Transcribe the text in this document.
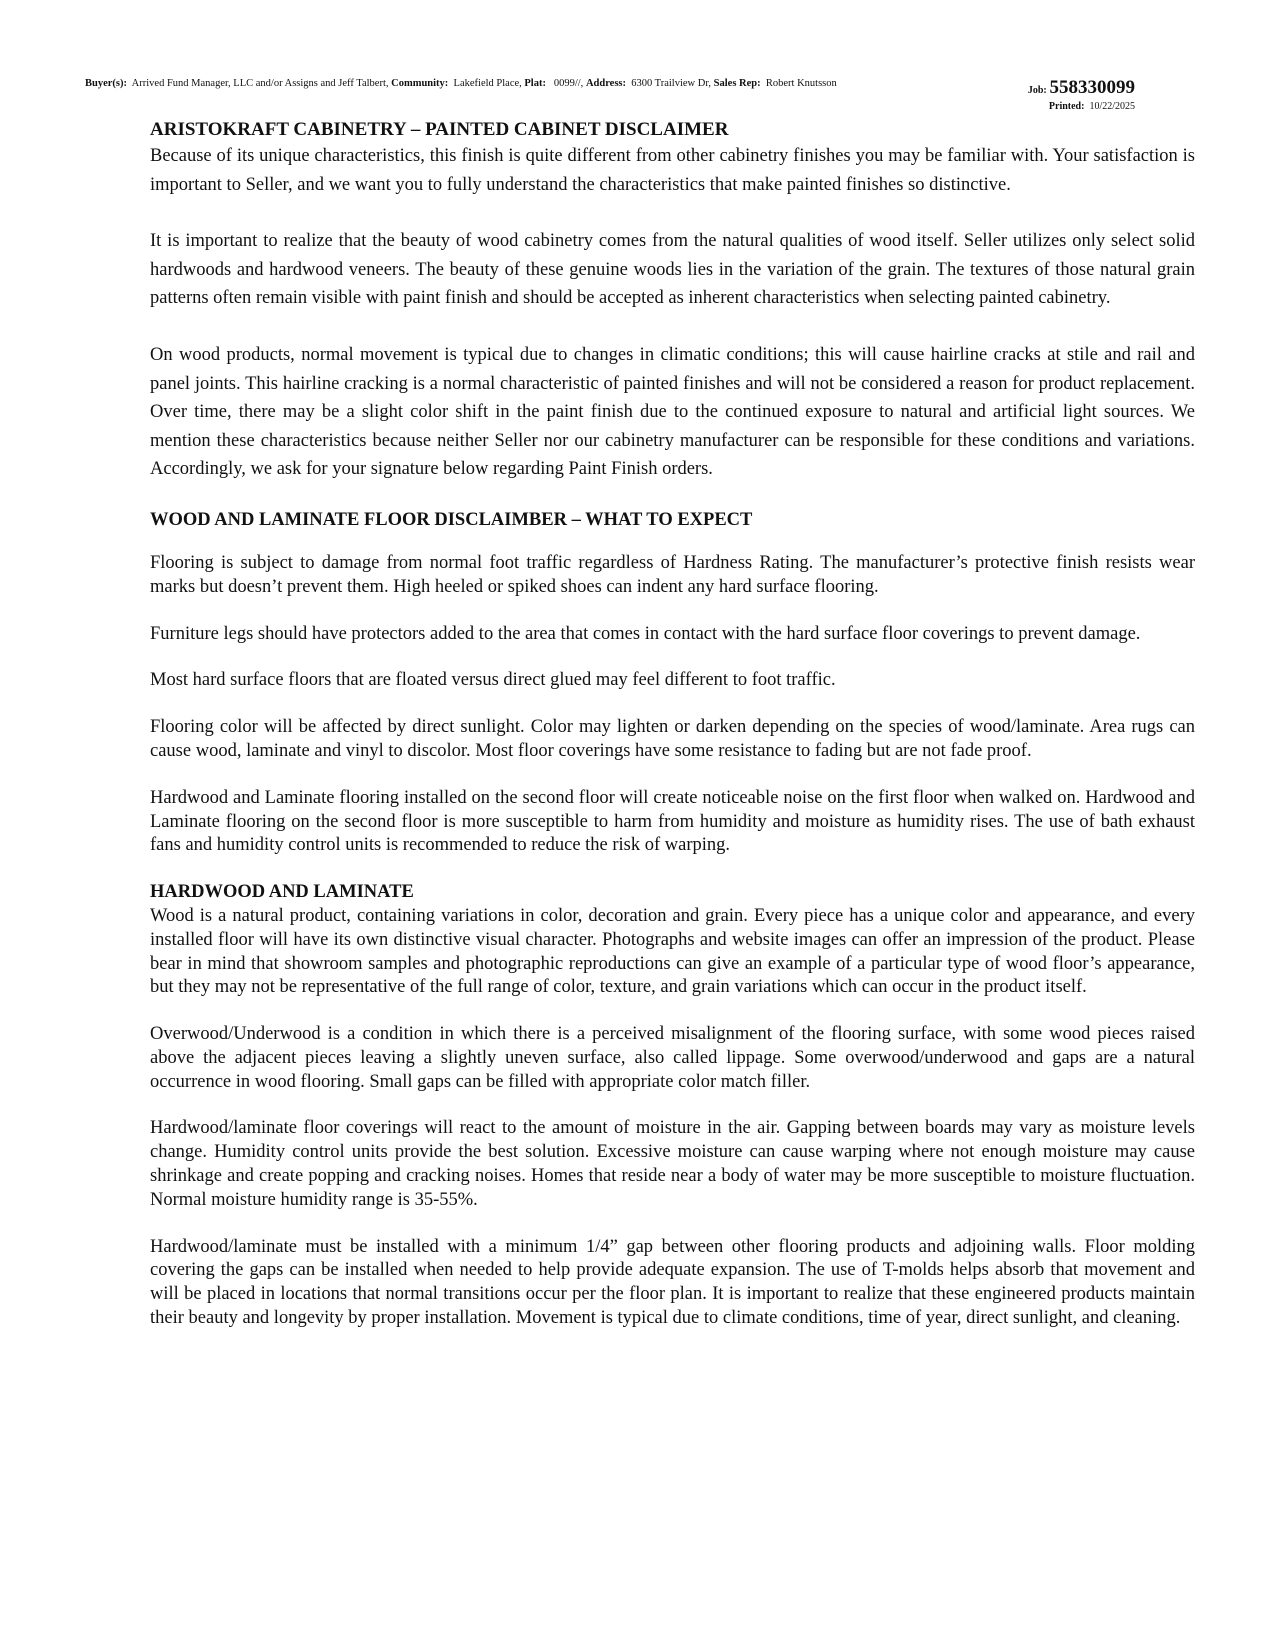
Buyer(s): Arrived Fund Manager, LLC and/or Assigns and Jeff Talbert, Community: Lakefield Place, Plat: 0099//, Address: 6300 Trailview Dr, Sales Rep: Robert Knutsson
Job: 558330099
Printed: 10/22/2025
ARISTOKRAFT CABINETRY – PAINTED CABINET DISCLAIMER

Because of its unique characteristics, this finish is quite different from other cabinetry finishes you may be familiar with. Your satisfaction is important to Seller, and we want you to fully understand the characteristics that make painted finishes so distinctive.

It is important to realize that the beauty of wood cabinetry comes from the natural qualities of wood itself. Seller utilizes only select solid hardwoods and hardwood veneers. The beauty of these genuine woods lies in the variation of the grain. The textures of those natural grain patterns often remain visible with paint finish and should be accepted as inherent characteristics when selecting painted cabinetry.

On wood products, normal movement is typical due to changes in climatic conditions; this will cause hairline cracks at stile and rail and panel joints. This hairline cracking is a normal characteristic of painted finishes and will not be considered a reason for product replacement. Over time, there may be a slight color shift in the paint finish due to the continued exposure to natural and artificial light sources. We mention these characteristics because neither Seller nor our cabinetry manufacturer can be responsible for these conditions and variations. Accordingly, we ask for your signature below regarding Paint Finish orders.

WOOD AND LAMINATE FLOOR DISCLAIMBER – WHAT TO EXPECT

Flooring is subject to damage from normal foot traffic regardless of Hardness Rating. The manufacturer’s protective finish resists wear marks but doesn’t prevent them. High heeled or spiked shoes can indent any hard surface flooring.

Furniture legs should have protectors added to the area that comes in contact with the hard surface floor coverings to prevent damage.

Most hard surface floors that are floated versus direct glued may feel different to foot traffic.

Flooring color will be affected by direct sunlight. Color may lighten or darken depending on the species of wood/laminate. Area rugs can cause wood, laminate and vinyl to discolor. Most floor coverings have some resistance to fading but are not fade proof.

Hardwood and Laminate flooring installed on the second floor will create noticeable noise on the first floor when walked on. Hardwood and Laminate flooring on the second floor is more susceptible to harm from humidity and moisture as humidity rises. The use of bath exhaust fans and humidity control units is recommended to reduce the risk of warping.

HARDWOOD AND LAMINATE

Wood is a natural product, containing variations in color, decoration and grain. Every piece has a unique color and appearance, and every installed floor will have its own distinctive visual character. Photographs and website images can offer an impression of the product. Please bear in mind that showroom samples and photographic reproductions can give an example of a particular type of wood floor’s appearance, but they may not be representative of the full range of color, texture, and grain variations which can occur in the product itself.

Overwood/Underwood is a condition in which there is a perceived misalignment of the flooring surface, with some wood pieces raised above the adjacent pieces leaving a slightly uneven surface, also called lippage. Some overwood/underwood and gaps are a natural occurrence in wood flooring. Small gaps can be filled with appropriate color match filler.

Hardwood/laminate floor coverings will react to the amount of moisture in the air. Gapping between boards may vary as moisture levels change. Humidity control units provide the best solution. Excessive moisture can cause warping where not enough moisture may cause shrinkage and create popping and cracking noises. Homes that reside near a body of water may be more susceptible to moisture fluctuation. Normal moisture humidity range is 35-55%.

Hardwood/laminate must be installed with a minimum 1/4” gap between other flooring products and adjoining walls. Floor molding covering the gaps can be installed when needed to help provide adequate expansion. The use of T-molds helps absorb that movement and will be placed in locations that normal transitions occur per the floor plan. It is important to realize that these engineered products maintain their beauty and longevity by proper installation. Movement is typical due to climate conditions, time of year, direct sunlight, and cleaning.
